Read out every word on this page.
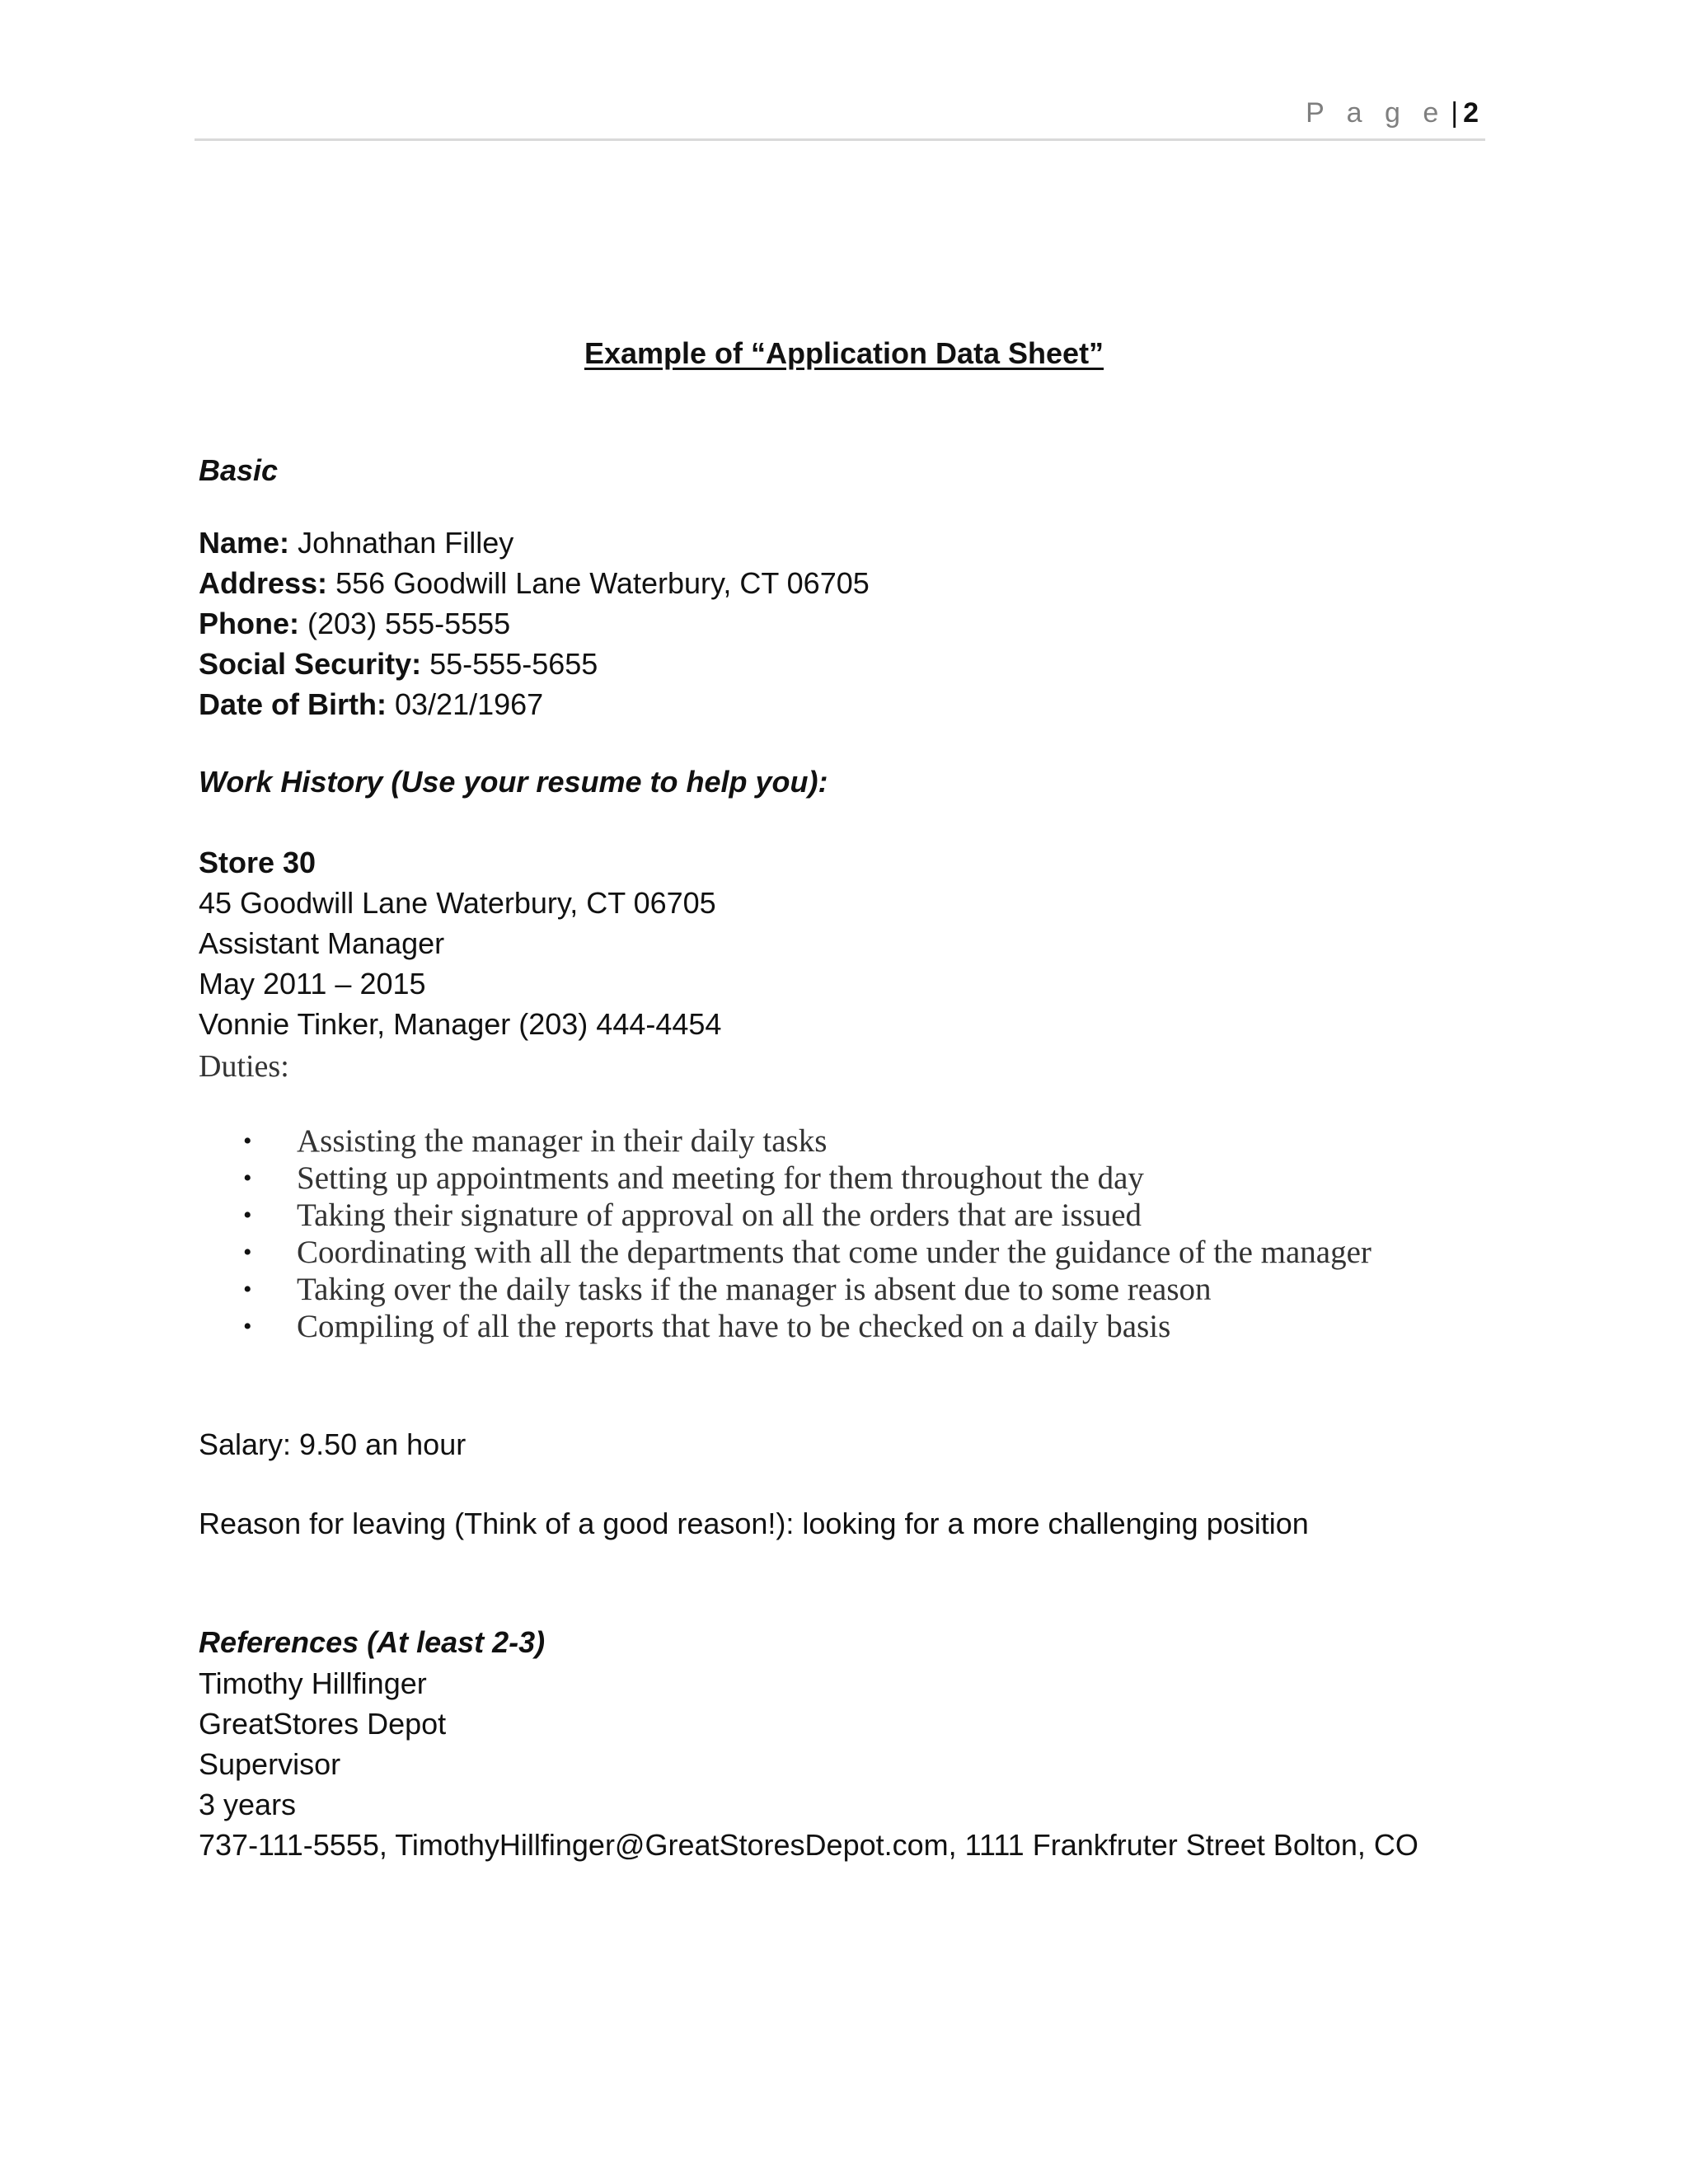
P a g e | 2
Example of “Application Data Sheet”
Basic
Name: Johnathan Filley
Address: 556 Goodwill Lane Waterbury, CT 06705
Phone: (203) 555-5555
Social Security: 55-555-5655
Date of Birth: 03/21/1967
Work History (Use your resume to help you):
Store 30
45 Goodwill Lane Waterbury, CT 06705
Assistant Manager
May 2011 – 2015
Vonnie Tinker, Manager (203) 444-4454
Duties:
• Assisting the manager in their daily tasks
• Setting up appointments and meeting for them throughout the day
• Taking their signature of approval on all the orders that are issued
• Coordinating with all the departments that come under the guidance of the manager
• Taking over the daily tasks if the manager is absent due to some reason
• Compiling of all the reports that have to be checked on a daily basis
Salary: 9.50 an hour
Reason for leaving (Think of a good reason!): looking for a more challenging position
References (At least 2-3)
Timothy Hillfinger
GreatStores Depot
Supervisor
3 years
737-111-5555, TimothyHillfinger@GreatStoresDepot.com, 1111 Frankfruter Street Bolton, CO
